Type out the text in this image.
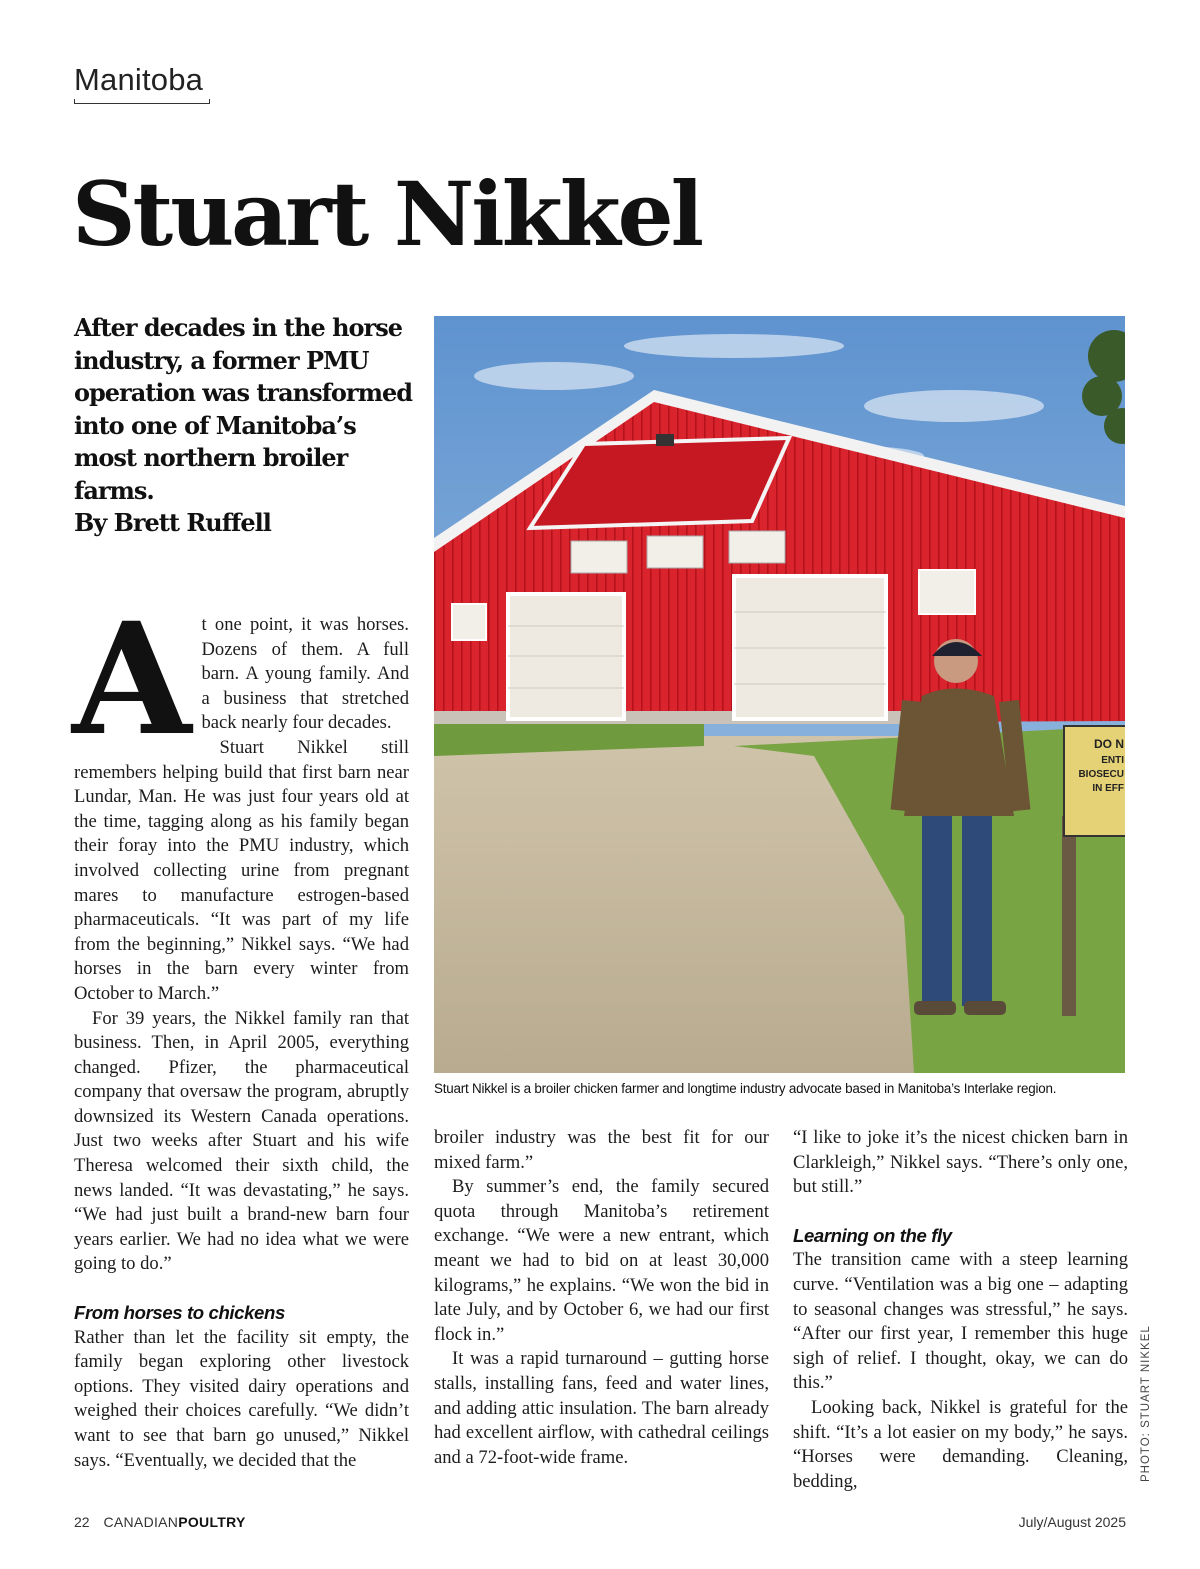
Manitoba
Stuart Nikkel
After decades in the horse industry, a former PMU operation was transformed into one of Manitoba’s most northern broiler farms.
By Brett Ruffell
DO N
ENTI
BIOSECU
IN EFF
Stuart Nikkel is a broiler chicken farmer and longtime industry advocate based in Manitoba’s Interlake region.
A t one point, it was horses. Dozens of them. A full barn. A young family. And a business that stretched back nearly four decades.

Stuart Nikkel still remembers helping build that first barn near Lundar, Man. He was just four years old at the time, tagging along as his family began their foray into the PMU industry, which involved collecting urine from pregnant mares to manufacture estrogen-based pharmaceuticals. “It was part of my life from the beginning,” Nikkel says. “We had horses in the barn every winter from October to March.”

For 39 years, the Nikkel family ran that business. Then, in April 2005, everything changed. Pfizer, the pharmaceutical company that oversaw the program, abruptly downsized its Western Canada operations. Just two weeks after Stuart and his wife Theresa welcomed their sixth child, the news landed. “It was devastating,” he says. “We had just built a brand-new barn four years earlier. We had no idea what we were going to do.”

From horses to chickens

Rather than let the facility sit empty, the family began exploring other livestock options. They visited dairy operations and weighed their choices carefully. “We didn’t want to see that barn go unused,” Nikkel says. “Eventually, we decided that the

broiler industry was the best fit for our mixed farm.”

By summer’s end, the family secured quota through Manitoba’s retirement exchange. “We were a new entrant, which meant we had to bid on at least 30,000 kilograms,” he explains. “We won the bid in late July, and by October 6, we had our first flock in.”

It was a rapid turnaround – gutting horse stalls, installing fans, feed and water lines, and adding attic insulation. The barn already had excellent airflow, with cathedral ceilings and a 72-foot-wide frame.

“I like to joke it’s the nicest chicken barn in Clarkleigh,” Nikkel says. “There’s only one, but still.”

Learning on the fly

The transition came with a steep learning curve. “Ventilation was a big one – adapting to seasonal changes was stressful,” he says. “After our first year, I remember this huge sigh of relief. I thought, okay, we can do this.”

Looking back, Nikkel is grateful for the shift. “It’s a lot easier on my body,” he says. “Horses were demanding. Cleaning, bedding,	PHOTO: STUART NIKKEL
22 CANADIANPOULTRY	July/August 2025
